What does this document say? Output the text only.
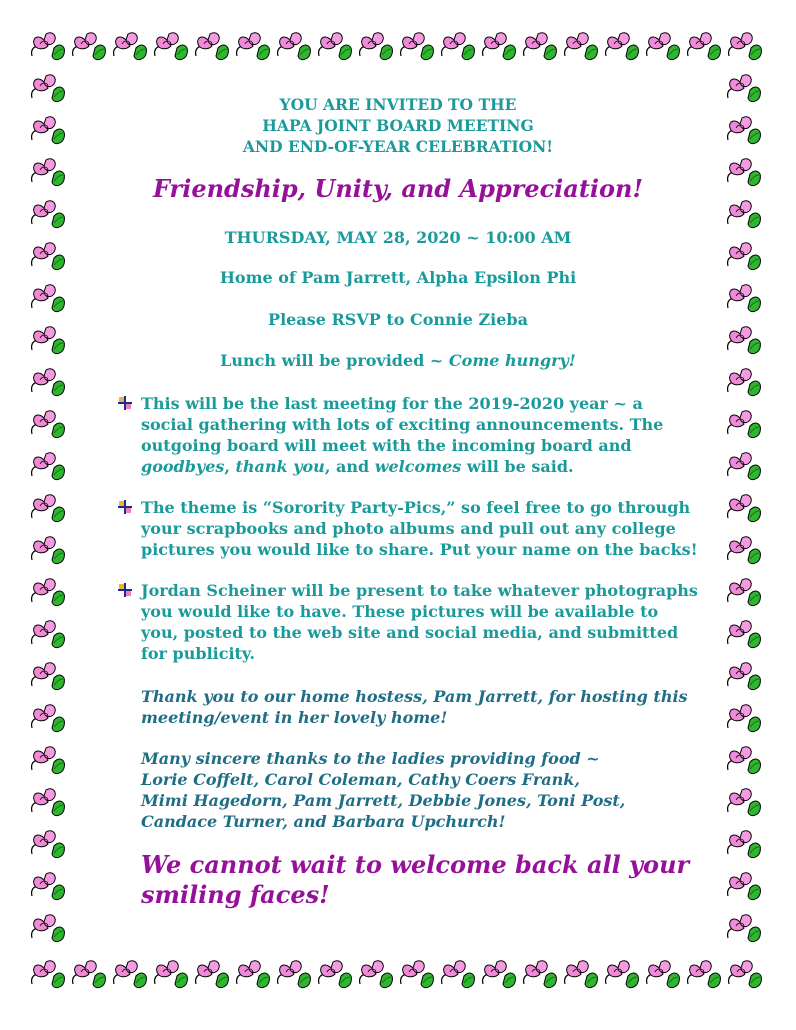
YOU ARE INVITED TO THE
HAPA JOINT BOARD MEETING
AND END-OF-YEAR CELEBRATION!
Friendship, Unity, and Appreciation!
THURSDAY, MAY 28, 2020 ~ 10:00 AM
Home of Pam Jarrett, Alpha Epsilon Phi
Please RSVP to Connie Zieba
Lunch will be provided ~ Come hungry!
This will be the last meeting for the 2019-2020 year ~ a social gathering with lots of exciting announcements. The outgoing board will meet with the incoming board and goodbyes, thank you, and welcomes will be said.
The theme is “Sorority Party-Pics,” so feel free to go through your scrapbooks and photo albums and pull out any college pictures you would like to share. Put your name on the backs!
Jordan Scheiner will be present to take whatever photographs you would like to have. These pictures will be available to you, posted to the web site and social media, and submitted for publicity.
Thank you to our home hostess, Pam Jarrett, for hosting this
meeting/event in her lovely home!
Many sincere thanks to the ladies providing food ~
Lorie Coffelt, Carol Coleman, Cathy Coers Frank,
Mimi Hagedorn, Pam Jarrett, Debbie Jones, Toni Post,
Candace Turner, and Barbara Upchurch!
We cannot wait to welcome back all your
smiling faces!
